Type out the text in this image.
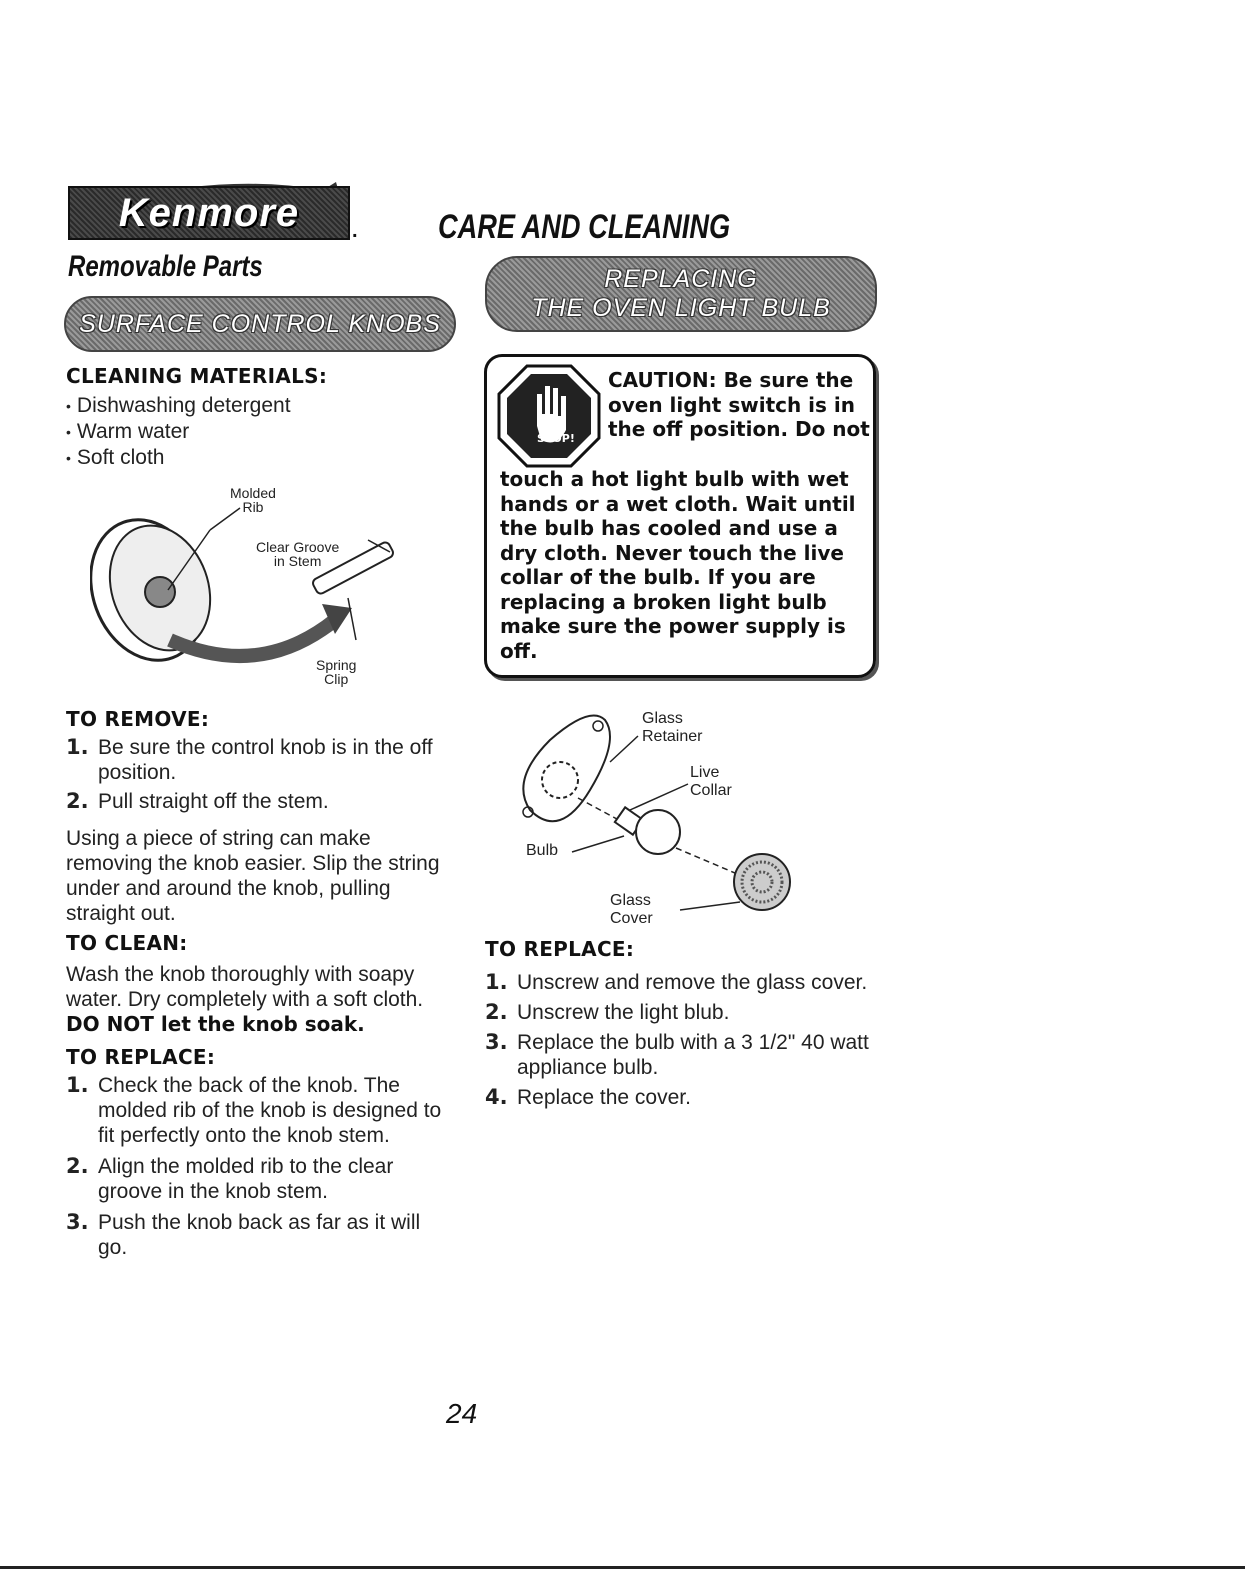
Kenmore	. CARE AND CLEANING
Removable Parts
SURFACE CONTROL KNOBS
CLEANING MATERIALS:
• Dishwashing detergent
• Warm water
• Soft cloth
Molded
Rib
Clear Groove
in Stem
Spring
Clip
TO REMOVE:
1. Be sure the control knob is in the off position.
2. Pull straight off the stem.
Using a piece of string can make removing the knob easier. Slip the string under and around the knob, pulling straight out.
TO CLEAN:
Wash the knob thoroughly with soapy water. Dry completely with a soft cloth.
DO NOT let the knob soak.
TO REPLACE:
1. Check the back of the knob. The molded rib of the knob is designed to fit perfectly onto the knob stem.
2. Align the molded rib to the clear groove in the knob stem.
3. Push the knob back as far as it will go.
REPLACING
THE OVEN LIGHT BULB
STOP!
CAUTION: Be sure the oven light switch is in the off position. Do not
touch a hot light bulb with wet hands or a wet cloth. Wait until the bulb has cooled and use a dry cloth. Never touch the live collar of the bulb. If you are replacing a broken light bulb make sure the power supply is off.
Glass
Retainer
Live
Collar
Bulb
Glass
Cover
TO REPLACE:
1. Unscrew and remove the glass cover.
2. Unscrew the light blub.
3. Replace the bulb with a 3 1/2" 40 watt appliance bulb.
4. Replace the cover.
24
